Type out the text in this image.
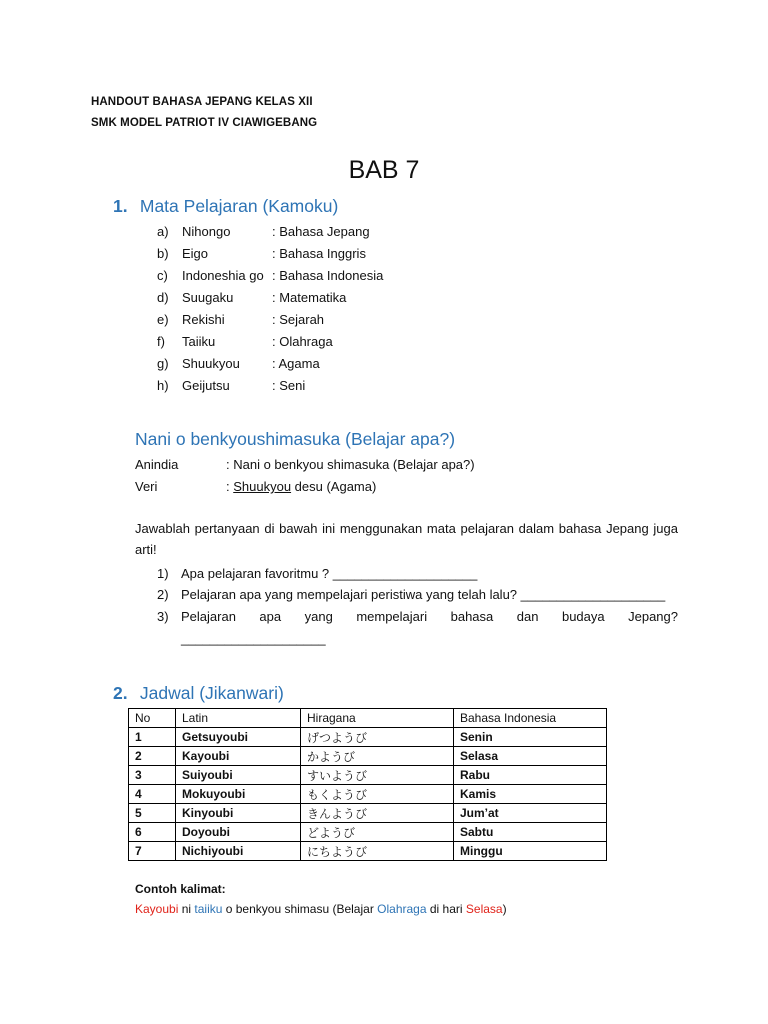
HANDOUT BAHASA JEPANG KELAS XII
SMK MODEL PATRIOT IV CIAWIGEBANG
BAB 7
1. Mata Pelajaran (Kamoku)
a) Nihongo	: Bahasa Jepang
b) Eigo	: Bahasa Inggris
c) Indoneshia go : Bahasa Indonesia
d) Suugaku	: Matematika
e) Rekishi	: Sejarah
f) Taiiku	: Olahraga
g) Shuukyou : Agama
h) Geijutsu	: Seni
Nani o benkyoushimasuka (Belajar apa?)
Anindia	: Nani o benkyou shimasuka (Belajar apa?)
Veri	: Shuukyou desu (Agama)
Jawablah pertanyaan di bawah ini menggunakan mata pelajaran dalam bahasa Jepang juga arti!
1) Apa pelajaran favoritmu ? ____________________
2) Pelajaran apa yang mempelajari peristiwa yang telah lalu? ____________________
3) Pelajaran apa yang mempelajari bahasa dan budaya Jepang?
____________________
2. Jadwal (Jikanwari)
No	Latin	Hiragana	Bahasa Indonesia
1	Getsuyoubi	げつようび	Senin
2	Kayoubi	かようび	Selasa
3	Suiyoubi	すいようび	Rabu
4	Mokuyoubi	もくようび	Kamis
5	Kinyoubi	きんようび	Jum’at
6	Doyoubi	どようび	Sabtu
7	Nichiyoubi	にちようび	Minggu
Contoh kalimat:
Kayoubi ni taiiku o benkyou shimasu (Belajar Olahraga di hari Selasa)
